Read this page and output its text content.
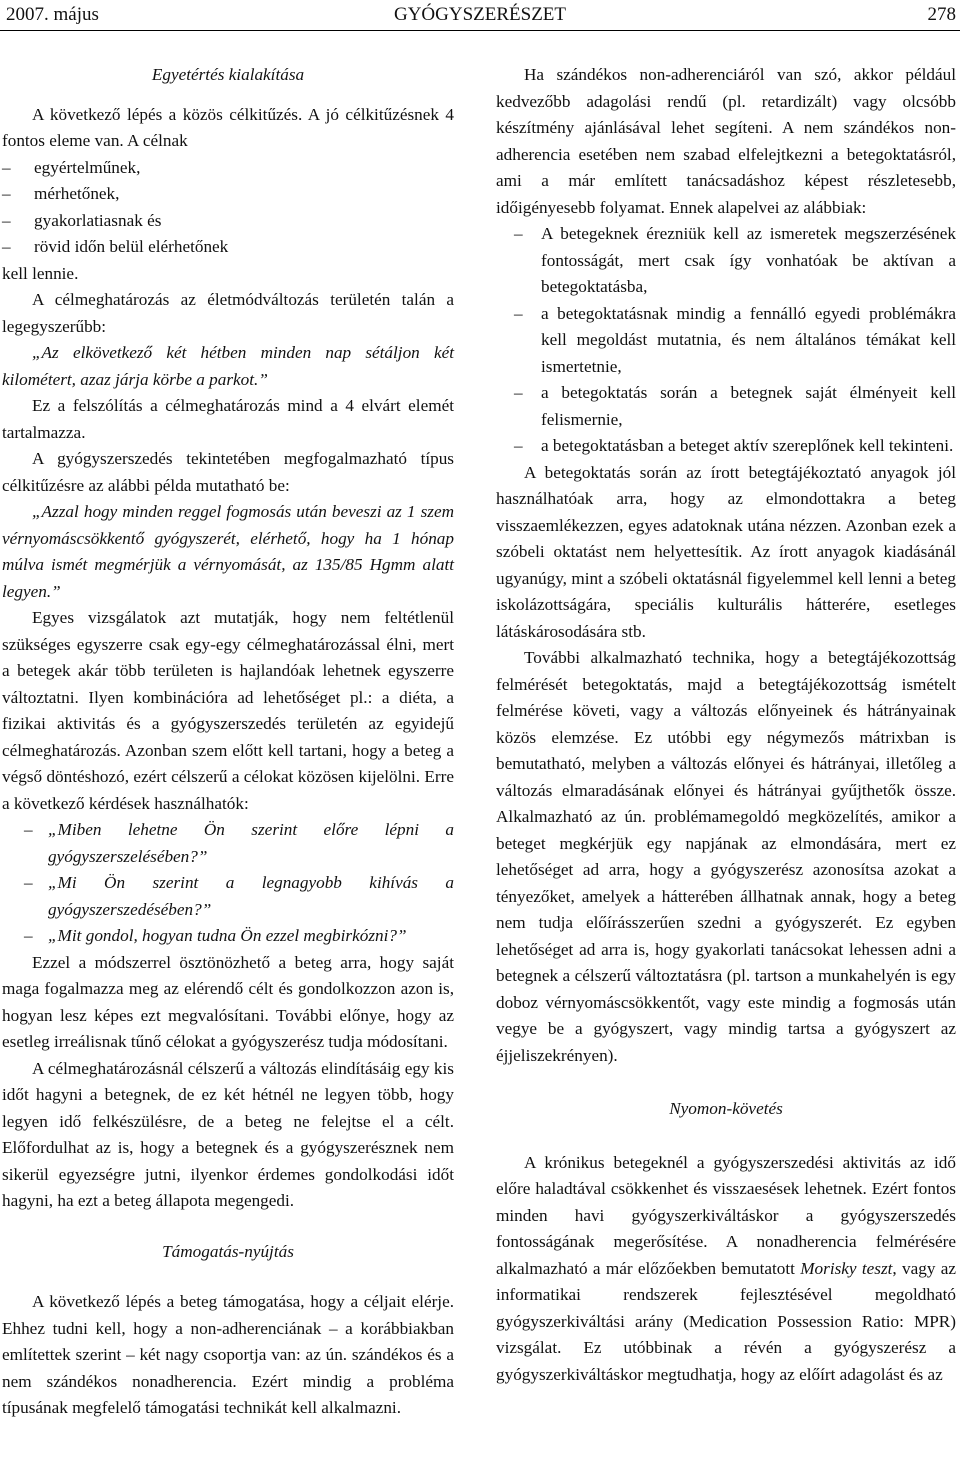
2007. május	GYÓGYSZERÉSZET	278

Egyetértés kialakítása

A következő lépés a közös célkitűzés. A jó célkitűzésnek 4 fontos eleme van. A célnak

– egyértelműnek,
– mérhetőnek,
– gyakorlatiasnak és
– rövid időn belül elérhetőnek

kell lennie.

A célmeghatározás az életmódváltozás területén talán a legegyszerűbb:

„Az elkövetkező két hétben minden nap sétáljon két kilométert, azaz járja körbe a parkot.”

Ez a felszólítás a célmeghatározás mind a 4 elvárt elemét tartalmazza.

A gyógyszerszedés tekintetében megfogalmazható típus célkitűzésre az alábbi példa mutatható be:

„Azzal hogy minden reggel fogmosás után beveszi az 1 szem vérnyomáscsökkentő gyógyszerét, elérhető, hogy ha 1 hónap múlva ismét megmérjük a vérnyomását, az 135/85 Hgmm alatt legyen.”

Egyes vizsgálatok azt mutatják, hogy nem feltétlenül szükséges egyszerre csak egy-egy célmeghatározással élni, mert a betegek akár több területen is hajlandóak lehetnek egyszerre változtatni. Ilyen kombinációra ad lehetőséget pl.: a diéta, a fizikai aktivitás és a gyógyszerszedés területén az egyidejű célmeghatározás. Azonban szem előtt kell tartani, hogy a beteg a végső döntéshozó, ezért célszerű a célokat közösen kijelölni. Erre a következő kérdések használhatók:

– „Miben lehetne Ön szerint előre lépni a gyógyszerszelésében?”
– „Mi Ön szerint a legnagyobb kihívás a gyógyszerszedésében?”
– „Mit gondol, hogyan tudna Ön ezzel megbirkózni?”

Ezzel a módszerrel ösztönözhető a beteg arra, hogy saját maga fogalmazza meg az elérendő célt és gondolkozzon azon is, hogyan lesz képes ezt megvalósítani. További előnye, hogy az esetleg irreálisnak tűnő célokat a gyógyszerész tudja módosítani.

A célmeghatározásnál célszerű a változás elindításáig egy kis időt hagyni a betegnek, de ez két hétnél ne legyen több, hogy legyen idő felkészülésre, de a beteg ne felejtse el a célt. Előfordulhat az is, hogy a betegnek és a gyógyszerésznek nem sikerül egyezségre jutni, ilyenkor érdemes gondolkodási időt hagyni, ha ezt a beteg állapota megengedi.

Támogatás-nyújtás

A következő lépés a beteg támogatása, hogy a céljait elérje. Ehhez tudni kell, hogy a non-adherenciának – a korábbiakban említettek szerint – két nagy csoportja van: az ún. szándékos és a nem szándékos nonadherencia. Ezért mindig a probléma típusának megfelelő támogatási technikát kell alkalmazni.

Ha szándékos non-adherenciáról van szó, akkor például kedvezőbb adagolási rendű (pl. retardizált) vagy olcsóbb készítmény ajánlásával lehet segíteni. A nem szándékos non-adherencia esetében nem szabad elfelejtkezni a betegoktatásról, ami a már említett tanácsadáshoz képest részletesebb, időigényesebb folyamat. Ennek alapelvei az alábbiak:

– A betegeknek érezniük kell az ismeretek megszerzésének fontosságát, mert csak így vonhatóak be aktívan a betegoktatásba,
– a betegoktatásnak mindig a fennálló egyedi problémákra kell megoldást mutatnia, és nem általános témákat kell ismertetnie,
– a betegoktatás során a betegnek saját élményeit kell felismernie,
– a betegoktatásban a beteget aktív szereplőnek kell tekinteni.

A betegoktatás során az írott betegtájékoztató anyagok jól használhatóak arra, hogy az elmondottakra a beteg visszaemlékezzen, egyes adatoknak utána nézzen. Azonban ezek a szóbeli oktatást nem helyettesítik. Az írott anyagok kiadásánál ugyanúgy, mint a szóbeli oktatásnál figyelemmel kell lenni a beteg iskolázottságára, speciális kulturális hátterére, esetleges látáskárosodására stb.

További alkalmazható technika, hogy a betegtájékozottság felmérését betegoktatás, majd a betegtájékozottság ismételt felmérése követi, vagy a változás előnyeinek és hátrányainak közös elemzése. Ez utóbbi egy négymezős mátrixban is bemutatható, melyben a változás előnyei és hátrányai, illetőleg a változás elmaradásának előnyei és hátrányai gyűjthetők össze. Alkalmazható az ún. problémamegoldó megközelítés, amikor a beteget megkérjük egy napjának az elmondására, mert ez lehetőséget ad arra, hogy a gyógyszerész azonosítsa azokat a tényezőket, amelyek a hátterében állhatnak annak, hogy a beteg nem tudja előírásszerűen szedni a gyógyszerét. Ez egyben lehetőséget ad arra is, hogy gyakorlati tanácsokat lehessen adni a betegnek a célszerű változtatásra (pl. tartson a munkahelyén is egy doboz vérnyomáscsökkentőt, vagy este mindig a fogmosás után vegye be a gyógyszert, vagy mindig tartsa a gyógyszert az éjjeliszekrényen).

Nyomon-követés

A krónikus betegeknél a gyógyszerszedési aktivitás az idő előre haladtával csökkenhet és visszaesések lehetnek. Ezért fontos minden havi gyógyszerkiváltáskor a gyógyszerszedés fontosságának megerősítése. A nonadherencia felmérésére alkalmazható a már előzőekben bemutatott Morisky teszt, vagy az informatikai rendszerek fejlesztésével megoldható gyógyszerkiváltási arány (Medication Possession Ratio: MPR) vizsgálat. Ez utóbbinak a révén a gyógyszerész a gyógyszerkiváltáskor megtudhatja, hogy az előírt adagolást és az
